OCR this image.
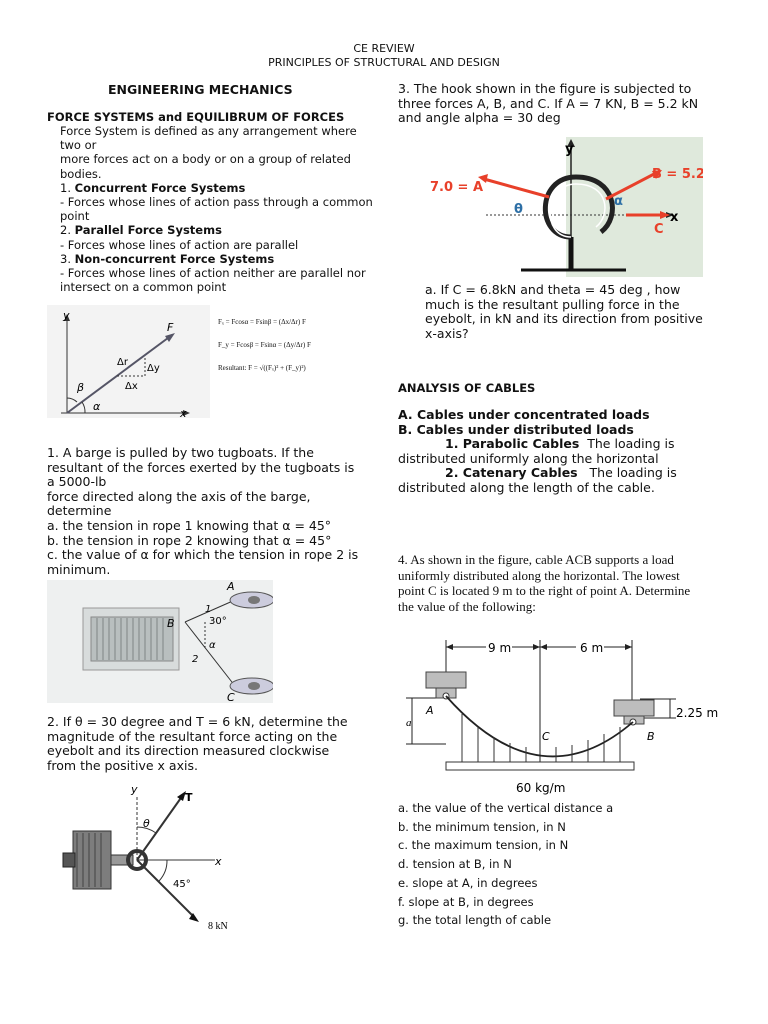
CE REVIEW
PRINCIPLES OF STRUCTURAL AND DESIGN
ENGINEERING MECHANICS
FORCE SYSTEMS and EQUILIBRUM OF FORCES
Force System is defined as any arrangement where two or
more forces act on a body or on a group of related bodies.
1. Concurrent Force Systems
- Forces whose lines of action pass through a common
point
2. Parallel Force Systems
- Forces whose lines of action are parallel
3. Non-concurrent Force Systems
- Forces whose lines of action neither are parallel nor
intersect on a common point
y
x
F
Δr
Δy
Δx
β
α
Fₓ = Fcosα = Fsinβ = (Δx/Δr) F
F_y = Fcosβ = Fsinα = (Δy/Δr) F
Resultant: F = √((Fₓ)² + (F_y)²)
1. A barge is pulled by two tugboats. If the
resultant of the forces exerted by the tugboats is
a 5000-lb
force directed along the axis of the barge,
determine
a. the tension in rope 1 knowing that α = 45°
b. the tension in rope 2 knowing that α = 45°
c. the value of α for which the tension in rope 2 is
minimum.
A
B
C
1
2
30°
α
2. If θ = 30 degree and T = 6 kN, determine the
magnitude of the resultant force acting on the
eyebolt and its direction measured clockwise
from the positive x axis.
y
T
θ
x
45°
8 kN
3. The hook shown in the figure is subjected to
three forces A, B, and C. If A = 7 KN, B = 5.2 kN
and angle alpha = 30 deg
7.0 = A
B = 5.2
C
y
x
θ
α
a. If C = 6.8kN and theta = 45 deg , how
much is the resultant pulling force in the
eyebolt, in kN and its direction from positive
x-axis?
ANALYSIS OF CABLES
A. Cables under concentrated loads
B. Cables under distributed loads
1. Parabolic Cables The loading is
distributed uniformly along the horizontal
2. Catenary Cables The loading is
distributed along the length of the cable.
4. As shown in the figure, cable ACB supports a load
uniformly distributed along the horizontal. The lowest
point C is located 9 m to the right of point A. Determine
the value of the following:
9 m	6 m
2.25 m
a
A
C	B
60 kg/m
a. the value of the vertical distance a
b. the minimum tension, in N
c. the maximum tension, in N
d. tension at B, in N
e. slope at A, in degrees
f. slope at B, in degrees
g. the total length of cable
